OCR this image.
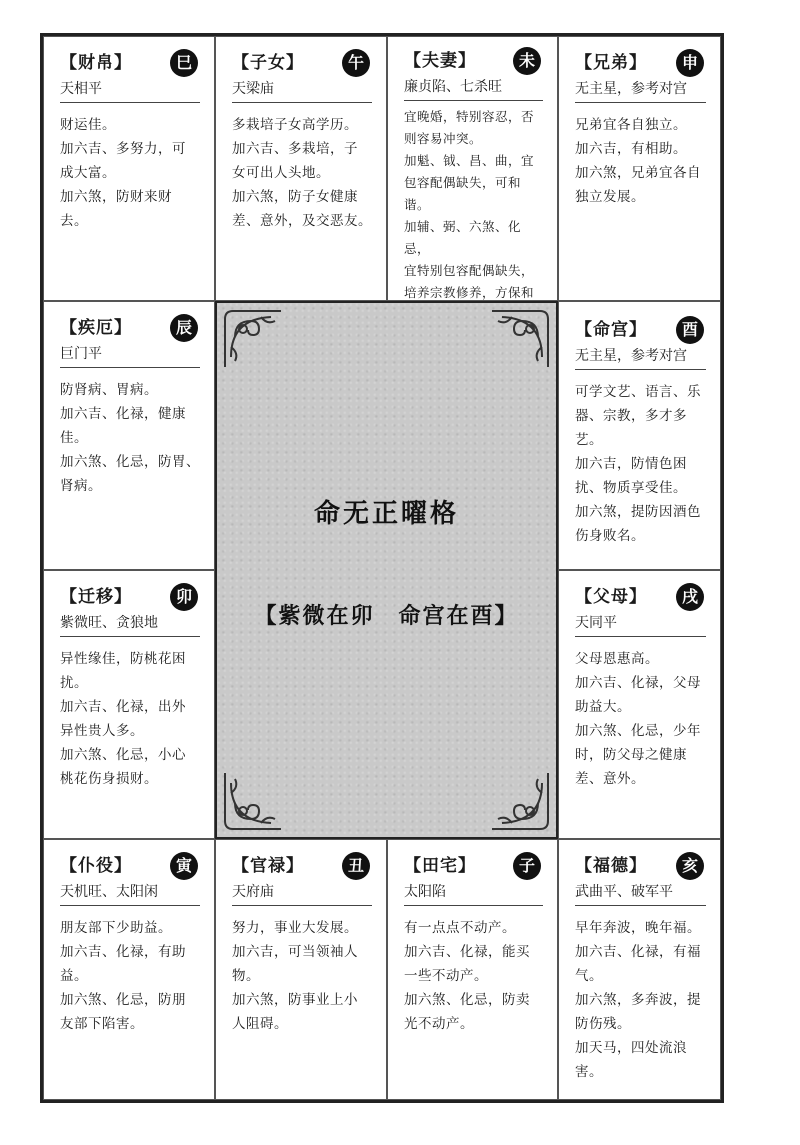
【财帛】	巳
天相平

财运佳。

加六吉、多努力，可

成大富。

加六煞，防财来财

去。

【子女】	午
天梁庙

多栽培子女高学历。

加六吉、多栽培，子

女可出人头地。

加六煞，防子女健康

差、意外，及交恶友。

【夫妻】	未
廉贞陷、七杀旺

宜晚婚，特别容忍，否

则容易冲突。

加魁、钺、昌、曲，宜

包容配偶缺失，可和

谐。

加辅、弼、六煞、化忌，

宜特别包容配偶缺失，

培养宗教修养，方保和

【兄弟】	申
无主星，参考对宫

兄弟宜各自独立。

加六吉，有相助。

加六煞，兄弟宜各自

独立发展。

【疾厄】	辰
巨门平

防肾病、胃病。

加六吉、化禄，健康

佳。

加六煞、化忌，防胃、

肾病。

【命宫】	酉
无主星，参考对宫

可学文艺、语言、乐

器、宗教，多才多艺。

加六吉，防情色困

扰、物质享受佳。

加六煞，提防因酒色

伤身败名。

【迁移】	卯
紫微旺、贪狼地

异性缘佳，防桃花困

扰。

加六吉、化禄，出外

异性贵人多。

加六煞、化忌，小心

桃花伤身损财。

【父母】	戌
天同平

父母恩惠高。

加六吉、化禄，父母

助益大。

加六煞、化忌，少年

时，防父母之健康

差、意外。

【仆役】	寅
天机旺、太阳闲

朋友部下少助益。

加六吉、化禄，有助

益。

加六煞、化忌，防朋

友部下陷害。

【官禄】	丑
天府庙

努力，事业大发展。

加六吉，可当领袖人

物。

加六煞，防事业上小

人阻碍。

【田宅】	子
太阳陷

有一点点不动产。

加六吉、化禄，能买

一些不动产。

加六煞、化忌，防卖

光不动产。

【福德】	亥
武曲平、破军平

早年奔波，晚年福。

加六吉、化禄，有福

气。

加六煞，多奔波，提

防伤残。

加天马，四处流浪

害。

命无正曜格
【紫微在卯　命宫在酉】
